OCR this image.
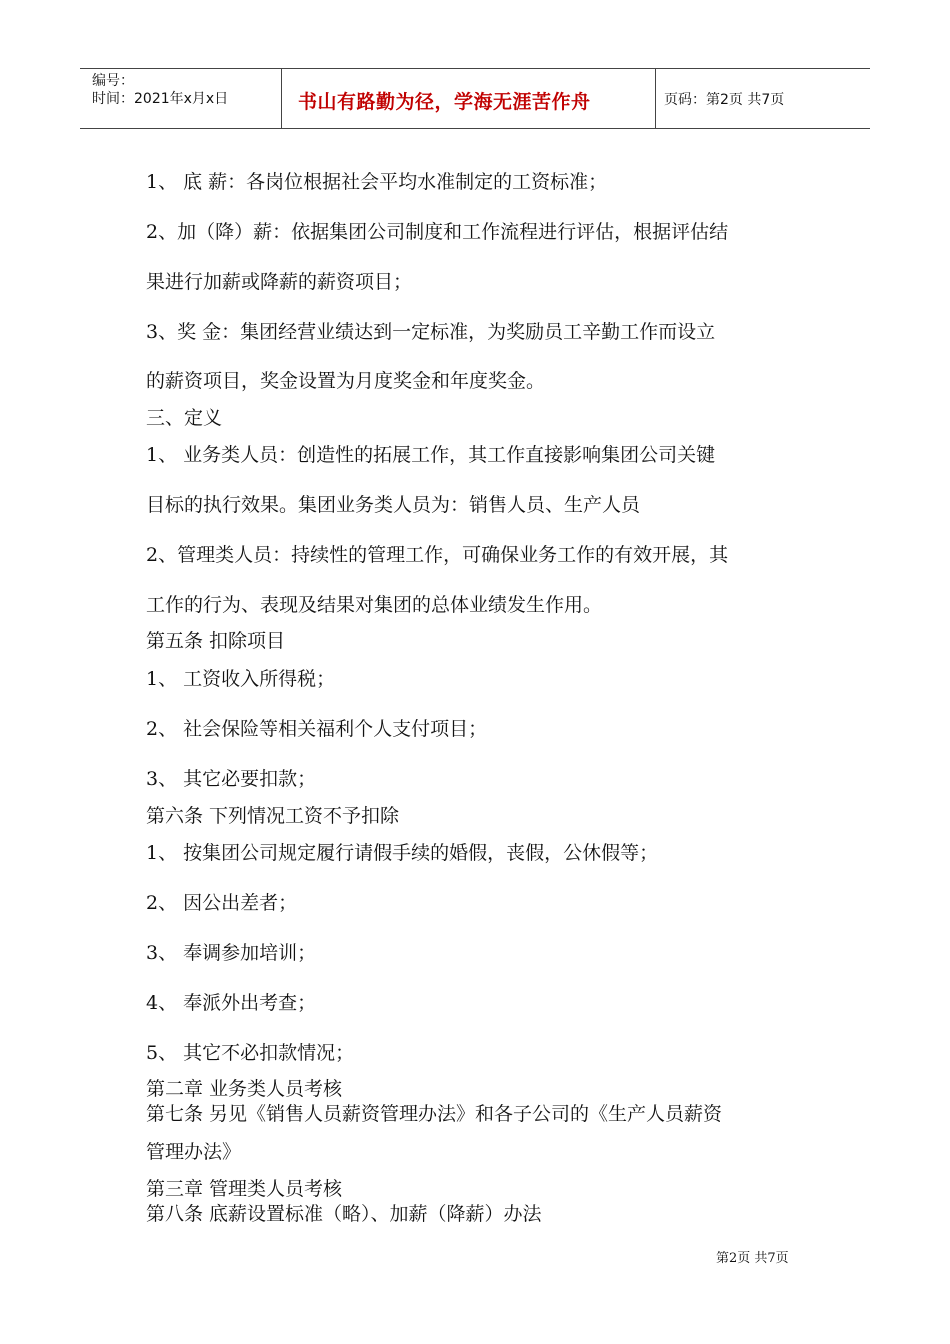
编号：
时间：2021年x月x日	书山有路勤为径，学海无涯苦作舟	页码：第2页 共7页
1、 底 薪：各岗位根据社会平均水准制定的工资标准；
2、加（降）薪：依据集团公司制度和工作流程进行评估，根据评估结
果进行加薪或降薪的薪资项目；
3、奖 金：集团经营业绩达到一定标准，为奖励员工辛勤工作而设立
的薪资项目，奖金设置为月度奖金和年度奖金。
三、定义
1、 业务类人员：创造性的拓展工作，其工作直接影响集团公司关键
目标的执行效果。集团业务类人员为：销售人员、生产人员
2、管理类人员：持续性的管理工作，可确保业务工作的有效开展，其
工作的行为、表现及结果对集团的总体业绩发生作用。
第五条 扣除项目
1、 工资收入所得税；
2、 社会保险等相关福利个人支付项目；
3、 其它必要扣款；
第六条 下列情况工资不予扣除
1、 按集团公司规定履行请假手续的婚假，丧假，公休假等；
2、 因公出差者；
3、 奉调参加培训；
4、 奉派外出考查；
5、 其它不必扣款情况；
第二章 业务类人员考核
第七条 另见《销售人员薪资管理办法》和各子公司的《生产人员薪资
管理办法》
第三章 管理类人员考核
第八条 底薪设置标准（略）、加薪（降薪）办法
第2页 共7页
